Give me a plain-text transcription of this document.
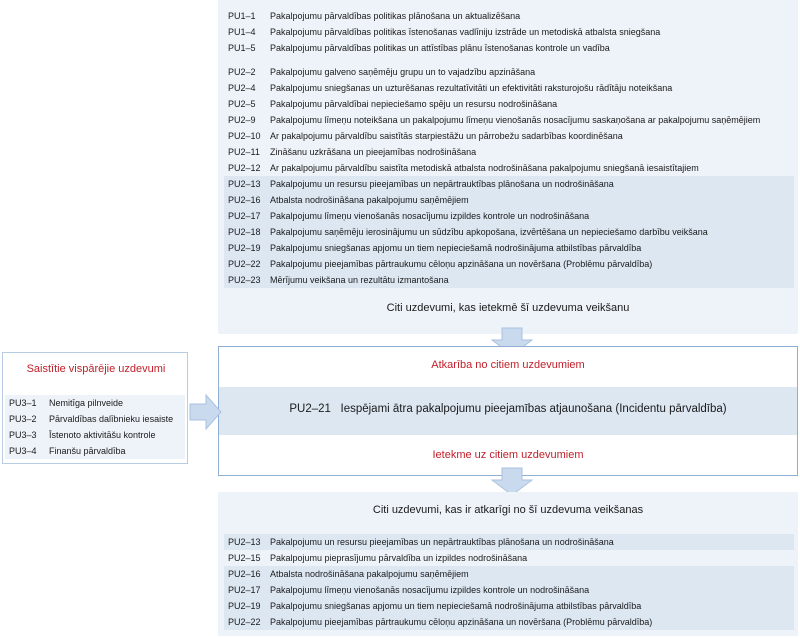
PU1–1 Pakalpojumu pārvaldības politikas plānošana un aktualizēšana
PU1–4 Pakalpojumu pārvaldības politikas īstenošanas vadlīniju izstrāde un metodiskā atbalsta sniegšana
PU1–5 Pakalpojumu pārvaldības politikas un attīstības plānu īstenošanas kontrole un vadība
PU2–2 Pakalpojumu galveno saņēmēju grupu un to vajadzību apzināšana
PU2–4 Pakalpojumu sniegšanas un uzturēšanas rezultatīvitāti un efektivitāti raksturojošu rādītāju noteikšana
PU2–5 Pakalpojumu pārvaldībai nepieciešamo spēju un resursu nodrošināšana
PU2–9 Pakalpojumu līmeņu noteikšana un pakalpojumu līmeņu vienošanās nosacījumu saskaņošana ar pakalpojumu saņēmējiem
PU2–10 Ar pakalpojumu pārvaldību saistītās starpiestāžu un pārrobežu sadarbības koordinēšana
PU2–11 Zināšanu uzkrāšana un pieejamības nodrošināšana
PU2–12 Ar pakalpojumu pārvaldību saistīta metodiskā atbalsta nodrošināšana pakalpojumu sniegšanā iesaistītajiem
PU2–13 Pakalpojumu un resursu pieejamības un nepārtrauktības plānošana un nodrošināšana
PU2–16 Atbalsta nodrošināšana pakalpojumu saņēmējiem
PU2–17 Pakalpojumu līmeņu vienošanās nosacījumu izpildes kontrole un nodrošināšana
PU2–18 Pakalpojumu saņēmēju ierosinājumu un sūdzību apkopošana, izvērtēšana un nepieciešamo darbību veikšana
PU2–19 Pakalpojumu sniegšanas apjomu un tiem nepieciešamā nodrošinājuma atbilstības pārvaldība
PU2–22 Pakalpojumu pieejamības pārtraukumu cēloņu apzināšana un novēršana (Problēmu pārvaldība)
PU2–23 Mērījumu veikšana un rezultātu izmantošana
Citi uzdevumi, kas ietekmē šī uzdevuma veikšanu
Atkarība no citiem uzdevumiem
PU2–21 Iespējami ātra pakalpojumu pieejamības atjaunošana (Incidentu pārvaldība)
Ietekme uz citiem uzdevumiem
Saistītie vispārējie uzdevumi
PU3–1 Nemitīga pilnveide
PU3–2 Pārvaldības dalībnieku iesaiste
PU3–3 Īstenoto aktivitāšu kontrole
PU3–4 Finanšu pārvaldība
Citi uzdevumi, kas ir atkarīgi no šī uzdevuma veikšanas
PU2–13 Pakalpojumu un resursu pieejamības un nepārtrauktības plānošana un nodrošināšana
PU2–15 Pakalpojumu pieprasījumu pārvaldība un izpildes nodrošināšana
PU2–16 Atbalsta nodrošināšana pakalpojumu saņēmējiem
PU2–17 Pakalpojumu līmeņu vienošanās nosacījumu izpildes kontrole un nodrošināšana
PU2–19 Pakalpojumu sniegšanas apjomu un tiem nepieciešamā nodrošinājuma atbilstības pārvaldība
PU2–22 Pakalpojumu pieejamības pārtraukumu cēloņu apzināšana un novēršana (Problēmu pārvaldība)
